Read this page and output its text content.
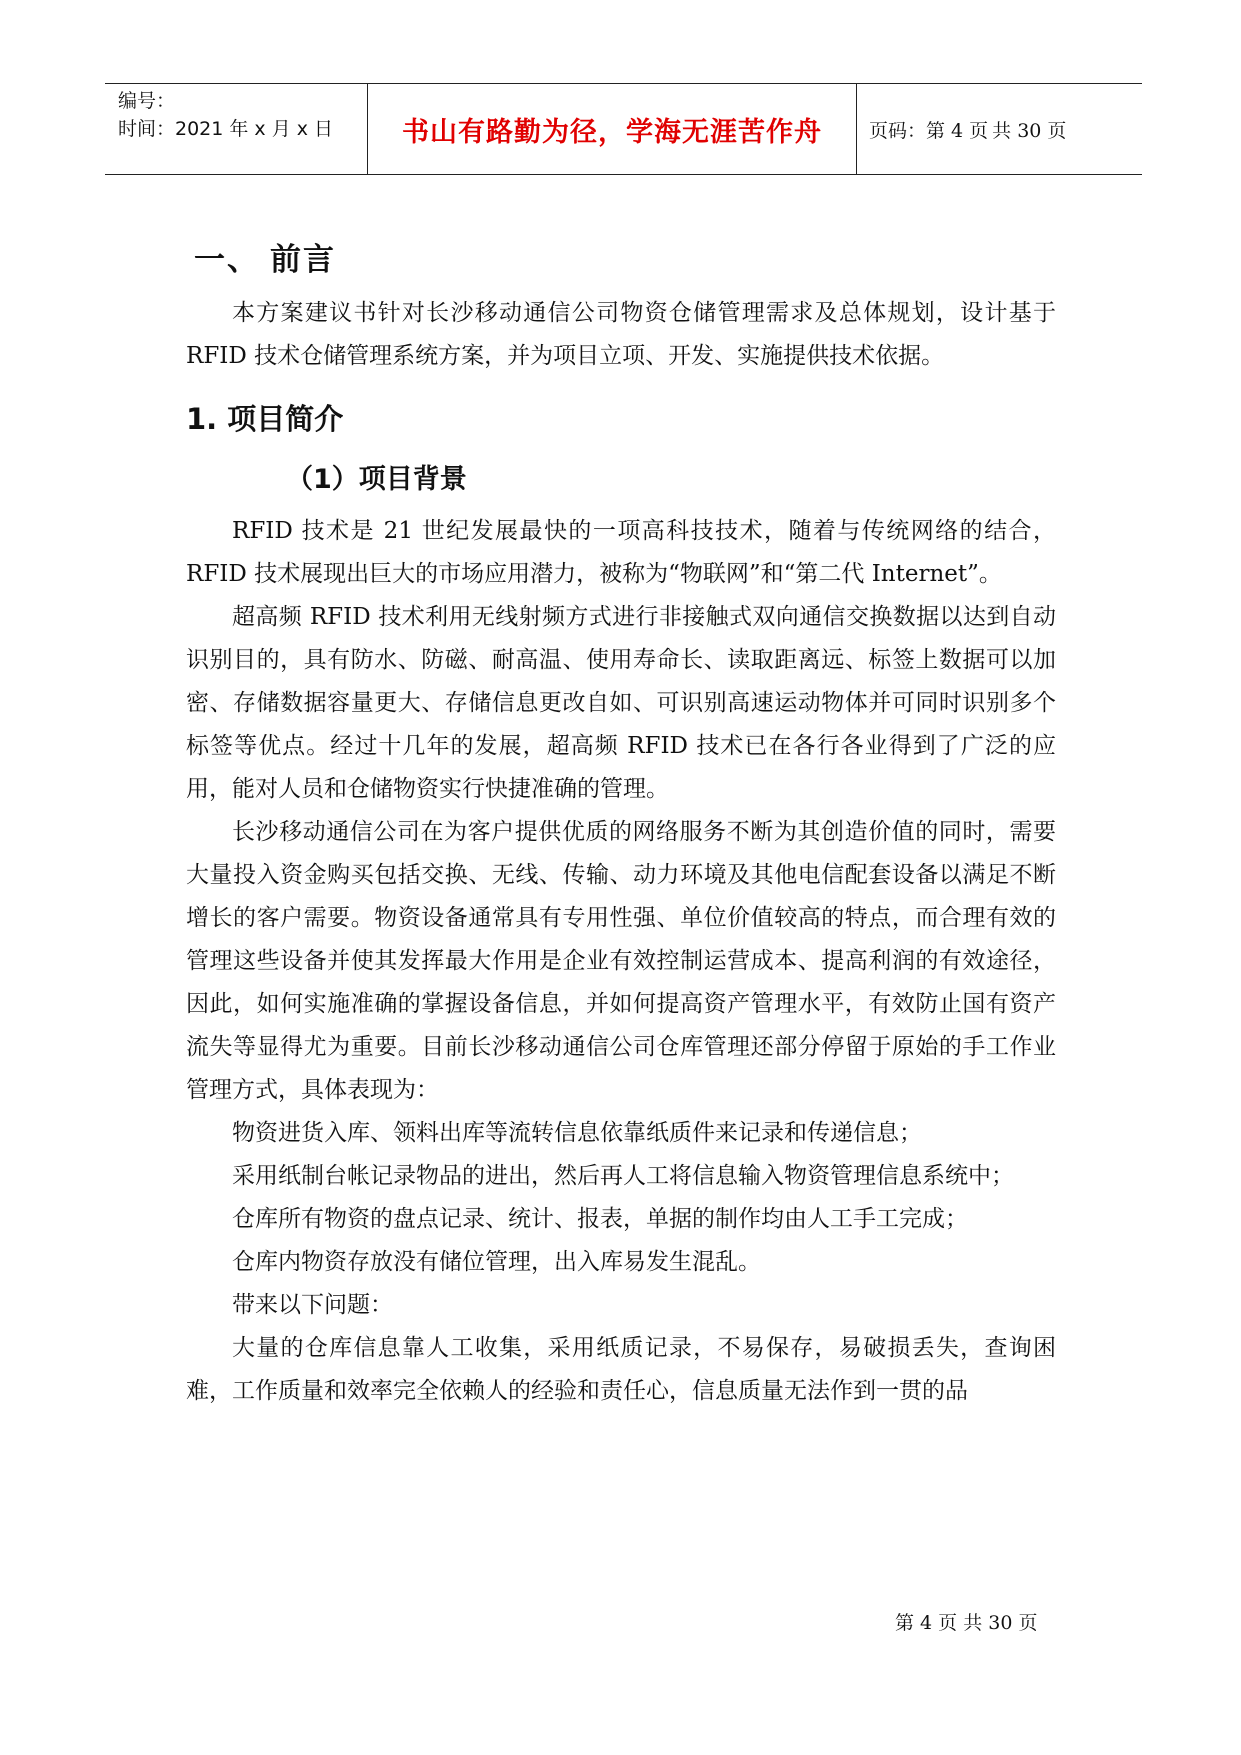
编号：
时间：2021 年 x 月 x 日	书山有路勤为径，学海无涯苦作舟 页码：第 4 页 共 30 页
一、 前言

本方案建议书针对长沙移动通信公司物资仓储管理需求及总体规划，设计基于 RFID 技术仓储管理系统方案，并为项目立项、开发、实施提供技术依据。

1. 项目简介
（1）项目背景

RFID 技术是 21 世纪发展最快的一项高科技技术，随着与传统网络的结合，RFID 技术展现出巨大的市场应用潜力，被称为“物联网”和“第二代 Internet”。

超高频 RFID 技术利用无线射频方式进行非接触式双向通信交换数据以达到自动识别目的，具有防水、防磁、耐高温、使用寿命长、读取距离远、标签上数据可以加密、存储数据容量更大、存储信息更改自如、可识别高速运动物体并可同时识别多个标签等优点。经过十几年的发展，超高频 RFID 技术已在各行各业得到了广泛的应用，能对人员和仓储物资实行快捷准确的管理。

长沙移动通信公司在为客户提供优质的网络服务不断为其创造价值的同时，需要大量投入资金购买包括交换、无线、传输、动力环境及其他电信配套设备以满足不断增长的客户需要。物资设备通常具有专用性强、单位价值较高的特点，而合理有效的管理这些设备并使其发挥最大作用是企业有效控制运营成本、提高利润的有效途径，因此，如何实施准确的掌握设备信息，并如何提高资产管理水平，有效防止国有资产流失等显得尤为重要。目前长沙移动通信公司仓库管理还部分停留于原始的手工作业管理方式，具体表现为：

物资进货入库、领料出库等流转信息依靠纸质件来记录和传递信息；

采用纸制台帐记录物品的进出，然后再人工将信息输入物资管理信息系统中；

仓库所有物资的盘点记录、统计、报表，单据的制作均由人工手工完成；

仓库内物资存放没有储位管理，出入库易发生混乱。

带来以下问题：

大量的仓库信息靠人工收集，采用纸质记录，不易保存，易破损丢失，查询困难，工作质量和效率完全依赖人的经验和责任心，信息质量无法作到一贯的品

第 4 页 共 30 页
